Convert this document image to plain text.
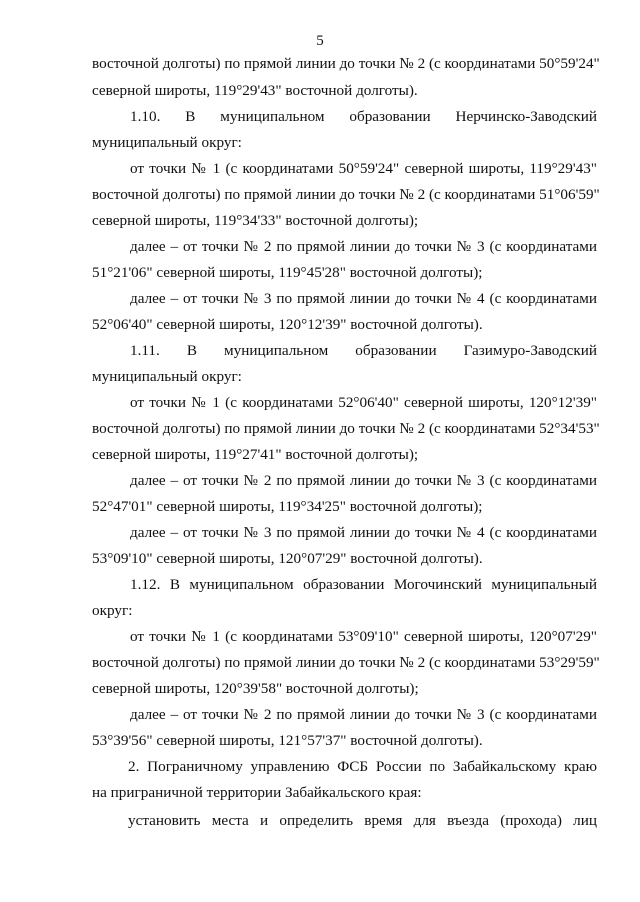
5
восточной долготы) по прямой линии до точки № 2 (с координатами 50°59'24"
северной широты, 119°29'43" восточной долготы).
1.10. В муниципальном образовании Нерчинско-Заводский
муниципальный округ:
от точки № 1 (с координатами 50°59'24" северной широты, 119°29'43"
восточной долготы) по прямой линии до точки № 2 (с координатами 51°06'59"
северной широты, 119°34'33" восточной долготы);
далее – от точки № 2 по прямой линии до точки № 3 (с координатами
51°21'06" северной широты, 119°45'28" восточной долготы);
далее – от точки № 3 по прямой линии до точки № 4 (с координатами
52°06'40" северной широты, 120°12'39" восточной долготы).
1.11. В муниципальном образовании Газимуро-Заводский
муниципальный округ:
от точки № 1 (с координатами 52°06'40" северной широты, 120°12'39"
восточной долготы) по прямой линии до точки № 2 (с координатами 52°34'53"
северной широты, 119°27'41" восточной долготы);
далее – от точки № 2 по прямой линии до точки № 3 (с координатами
52°47'01" северной широты, 119°34'25" восточной долготы);
далее – от точки № 3 по прямой линии до точки № 4 (с координатами
53°09'10" северной широты, 120°07'29" восточной долготы).
1.12. В муниципальном образовании Могочинский муниципальный
округ:
от точки № 1 (с координатами 53°09'10" северной широты, 120°07'29"
восточной долготы) по прямой линии до точки № 2 (с координатами 53°29'59"
северной широты, 120°39'58" восточной долготы);
далее – от точки № 2 по прямой линии до точки № 3 (с координатами
53°39'56" северной широты, 121°57'37" восточной долготы).
2. Пограничному управлению ФСБ России по Забайкальскому краю
на приграничной территории Забайкальского края:
установить места и определить время для въезда (прохода) лиц
